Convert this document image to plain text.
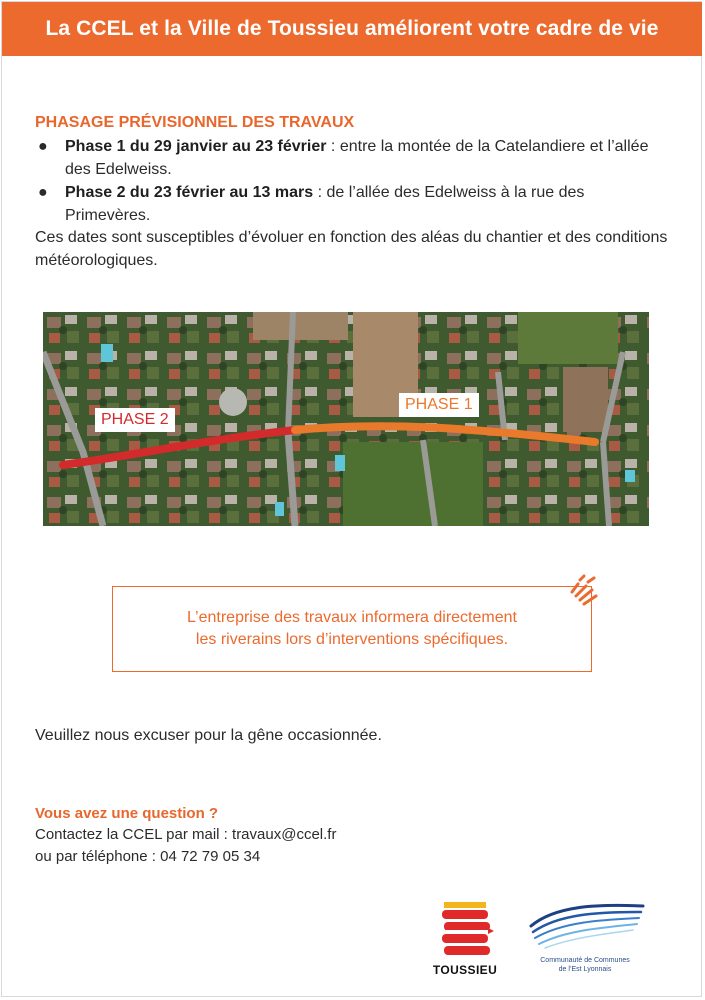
La CCEL et la Ville de Toussieu améliorent votre cadre de vie
PHASAGE PRÉVISIONNEL DES TRAVAUX
● Phase 1 du 29 janvier au 23 février : entre la montée de la Catelandiere et l’allée des Edelweiss.
● Phase 2 du 23 février au 13 mars : de l’allée des Edelweiss à la rue des Primevères.
Ces dates sont susceptibles d’évoluer en fonction des aléas du chantier et des conditions météorologiques.
PHASE 2
PHASE 1
L’entreprise des travaux informera directement
les riverains lors d’interventions spécifiques.
Veuillez nous excuser pour la gêne occasionnée.
Vous avez une question ?
Contactez la CCEL par mail : travaux@ccel.fr
ou par téléphone : 04 72 79 05 34
TOUSSIEU
Communauté de Communes
de l’Est Lyonnais
